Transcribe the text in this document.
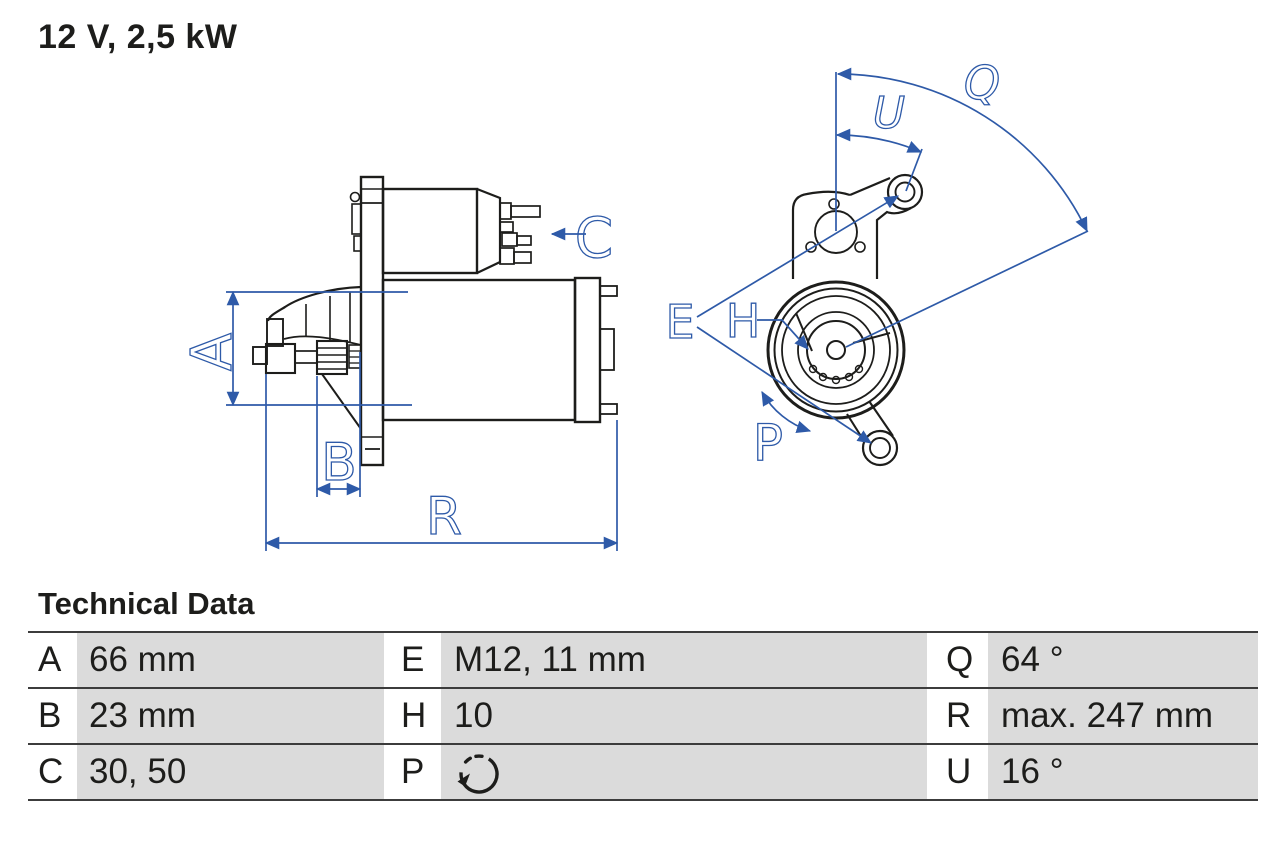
12 V, 2,5 kW
A
B
R
C
Q
U
E H
P
Technical Data
A 66 mm	E M12, 11 mm	Q 64 °
B 23 mm	H 10	R max. 247 mm
C 30, 50	P	U 16 °
